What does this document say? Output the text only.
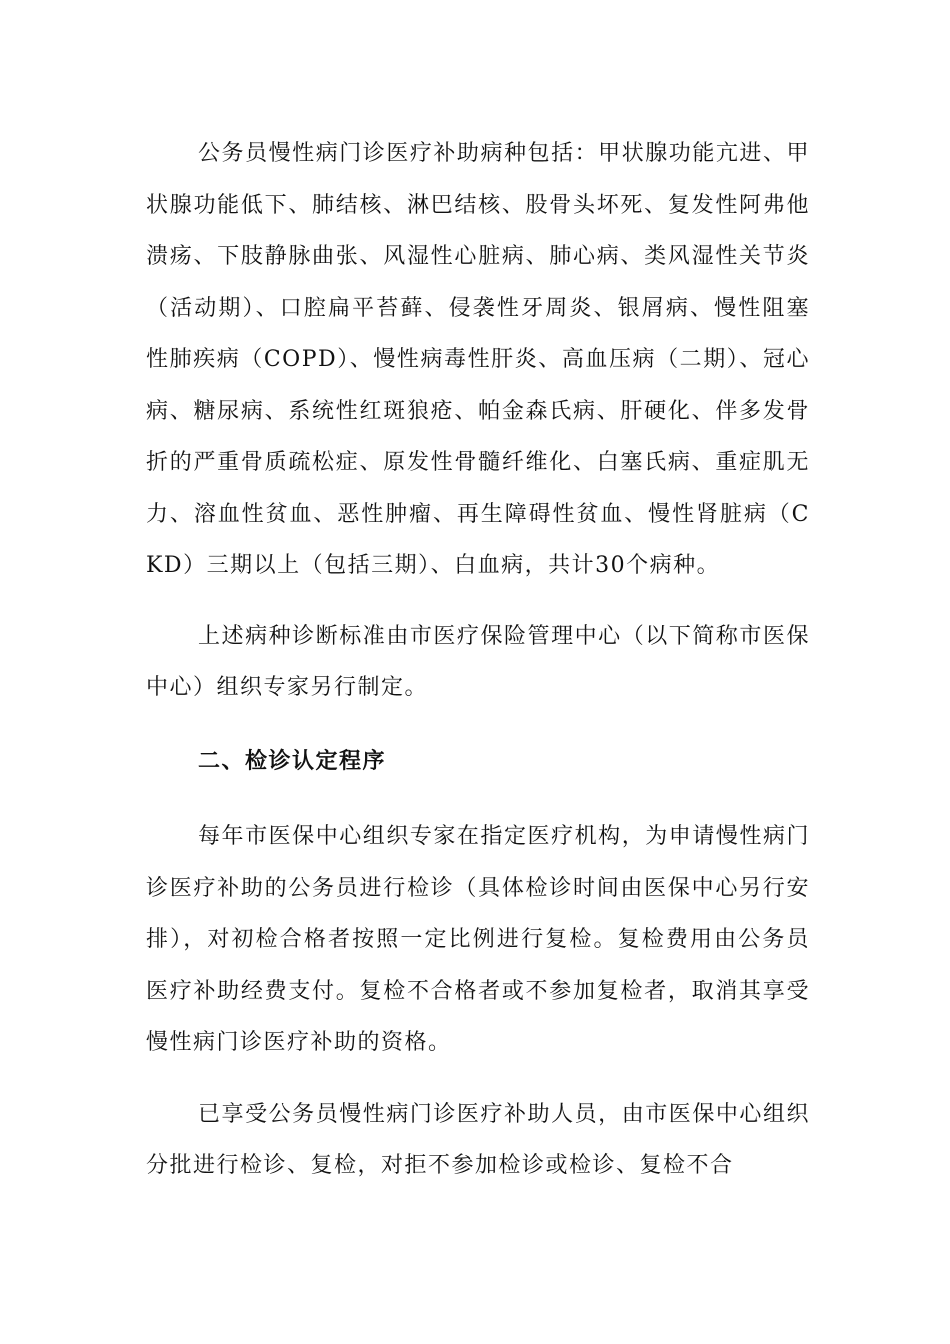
公务员慢性病门诊医疗补助病种包括：甲状腺功能亢进、甲状腺功能低下、肺结核、淋巴结核、股骨头坏死、复发性阿弗他溃疡、下肢静脉曲张、风湿性心脏病、肺心病、类风湿性关节炎（活动期）、口腔扁平苔藓、侵袭性牙周炎、银屑病、慢性阻塞性肺疾病（COPD）、慢性病毒性肝炎、高血压病（二期）、冠心病、糖尿病、系统性红斑狼疮、帕金森氏病、肝硬化、伴多发骨折的严重骨质疏松症、原发性骨髓纤维化、白塞氏病、重症肌无力、溶血性贫血、恶性肿瘤、再生障碍性贫血、慢性肾脏病（CKD）三期以上（包括三期）、白血病，共计30个病种。

上述病种诊断标准由市医疗保险管理中心（以下简称市医保中心）组织专家另行制定。

二、检诊认定程序

每年市医保中心组织专家在指定医疗机构，为申请慢性病门诊医疗补助的公务员进行检诊（具体检诊时间由医保中心另行安排），对初检合格者按照一定比例进行复检。复检费用由公务员医疗补助经费支付。复检不合格者或不参加复检者，取消其享受慢性病门诊医疗补助的资格。

已享受公务员慢性病门诊医疗补助人员，由市医保中心组织分批进行检诊、复检，对拒不参加检诊或检诊、复检不合
